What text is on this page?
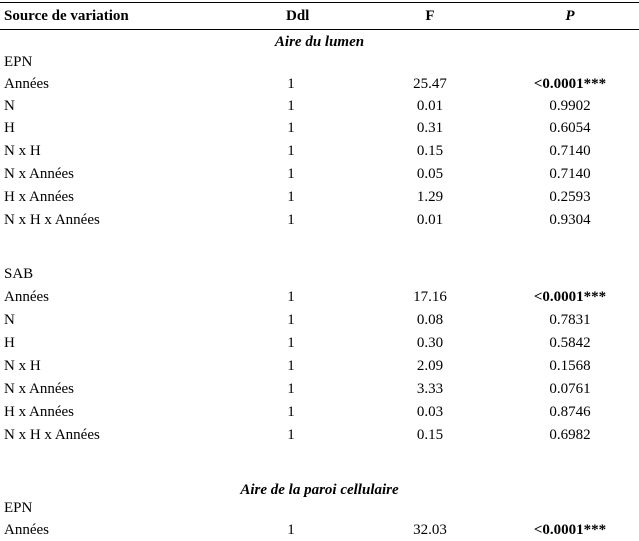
Source de variation	Ddl	F	P
Aire du lumen
EPN
Années	1	25.47	<0.0001***
N	1	0.01	0.9902
H	1	0.31	0.6054
N x H	1	0.15	0.7140
N x Années	1	0.05	0.7140
H x Années	1	1.29	0.2593
N x H x Années	1	0.01	0.9304
SAB
Années	1	17.16	<0.0001***
N	1	0.08	0.7831
H	1	0.30	0.5842
N x H	1	2.09	0.1568
N x Années	1	3.33	0.0761
H x Années	1	0.03	0.8746
N x H x Années	1	0.15	0.6982
Aire de la paroi cellulaire
EPN
Années	1	32.03	<0.0001***
